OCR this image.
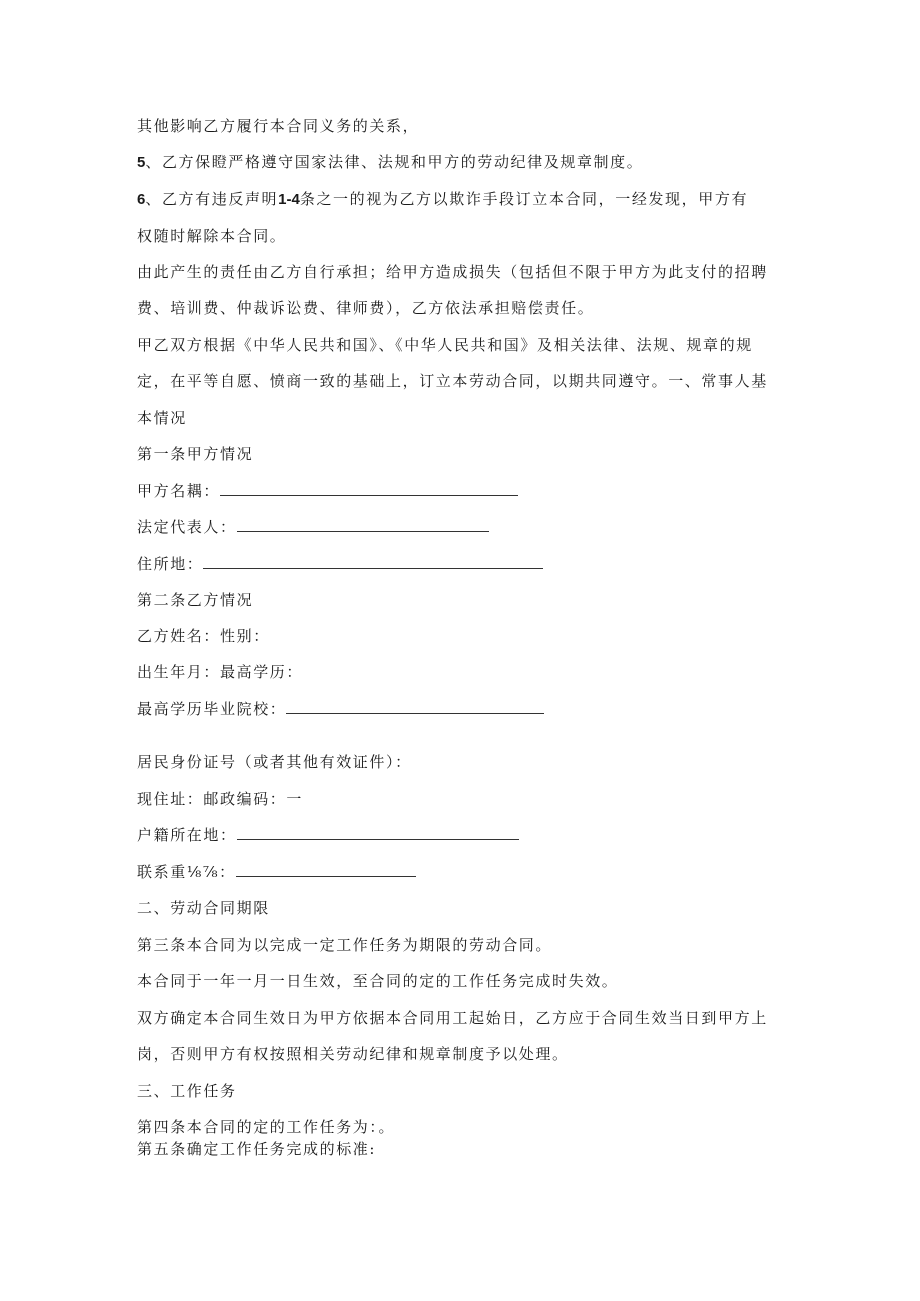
其他影响乙方履行本合同义务的关系，
5、乙方保瞪严格遵守国家法律、法规和甲方的劳动纪律及规章制度。
6、乙方有违反声明1-4条之一的视为乙方以欺诈手段订立本合同，一经发现，甲方有
权随时解除本合同。
由此产生的责任由乙方自行承担；给甲方造成损失（包括但不限于甲方为此支付的招聘
费、培训费、仲裁诉讼费、律师费），乙方依法承担赔偿责任。
甲乙双方根据《中华人民共和国》、《中华人民共和国》及相关法律、法规、规章的规
定，在平等自愿、愤商一致的基础上，订立本劳动合同，以期共同遵守。一、常事人基
本情况
第一条甲方情况
甲方名耦：
法定代表人：
住所地：
第二条乙方情况
乙方姓名：性别：
出生年月：最高学历：
最高学历毕业院校：
居民身份证号（或者其他有效证件）：
现住址：邮政编码：一
户籍所在地：
联系重⅛⅞：
二、劳动合同期限
第三条本合同为以完成一定工作任务为期限的劳动合同。
本合同于一年一月一日生效，至合同的定的工作任务完成时失效。
双方确定本合同生效日为甲方依据本合同用工起始日，乙方应于合同生效当日到甲方上
岗，否则甲方有权按照相关劳动纪律和规章制度予以处理。
三、工作任务
第四条本合同的定的工作任务为：。
第五条确定工作任务完成的标准:
